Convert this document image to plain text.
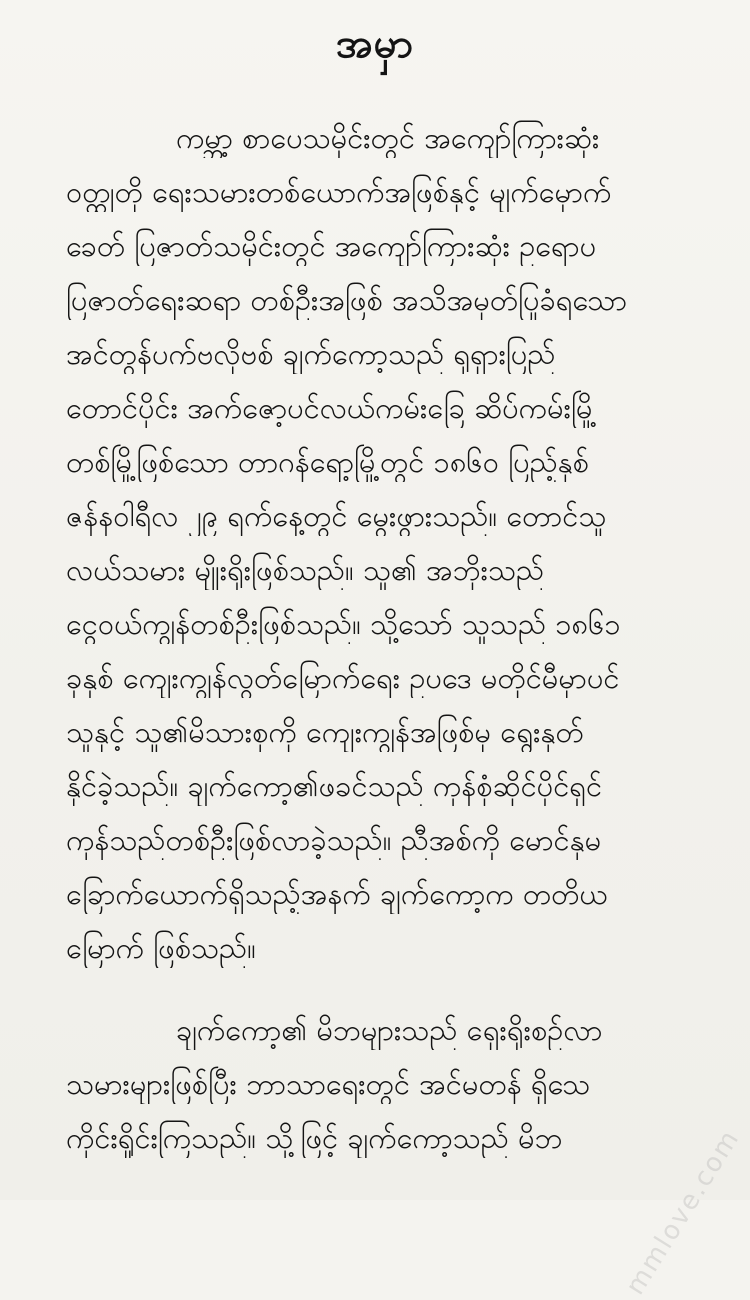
အမှာ
ကမ္ဘာ့ စာပေသမိုင်းတွင် အကျော်ကြားဆုံး
ဝတ္ထုတို ရေးသမားတစ်ယောက်အဖြစ်နှင့် မျက်မှောက်
ခေတ် ပြဇာတ်သမိုင်းတွင် အကျော်ကြားဆုံး ဥရောပ
ပြဇာတ်ရေးဆရာ တစ်ဦးအဖြစ် အသိအမှတ်ပြုခံရသော
အင်တွန်ပက်ဗလိုဗစ် ချက်ကော့သည် ရုရှားပြည်
တောင်ပိုင်း အက်ဇော့ပင်လယ်ကမ်းခြေ ဆိပ်ကမ်းမြို့
တစ်မြို့ဖြစ်သော တာဂန်ရော့မြို့တွင် ၁၈၆၀ ပြည့်နှစ်
ဇန်နဝါရီလ ၂၉ ရက်နေ့တွင် မွေးဖွားသည်။ တောင်သူ
လယ်သမား မျိုးရိုးဖြစ်သည်။ သူ၏ အဘိုးသည်
ငွေဝယ်ကျွန်တစ်ဦးဖြစ်သည်။ သို့သော် သူသည် ၁၈၆၁
ခုနှစ် ကျေးကျွန်လွတ်မြောက်ရေး ဥပဒေ မတိုင်မီမှာပင်
သူနှင့် သူ၏မိသားစုကို ကျေးကျွန်အဖြစ်မှ ရွေးနုတ်
နိုင်ခဲ့သည်။ ချက်ကော့၏ဖခင်သည် ကုန်စုံဆိုင်ပိုင်ရှင်
ကုန်သည်တစ်ဦးဖြစ်လာခဲ့သည်။ ညီအစ်ကို မောင်နှမ
ခြောက်ယောက်ရှိသည့်အနက် ချက်ကော့က တတိယ
မြောက် ဖြစ်သည်။
ချက်ကော့၏ မိဘများသည် ရှေးရိုးစဉ်လာ
သမားများဖြစ်ပြီး ဘာသာရေးတွင် အင်မတန် ရှိသေ
ကိုင်းရှိုင်းကြသည်။ သို့ဖြင့် ချက်ကော့သည် မိဘ	mmlove.com
